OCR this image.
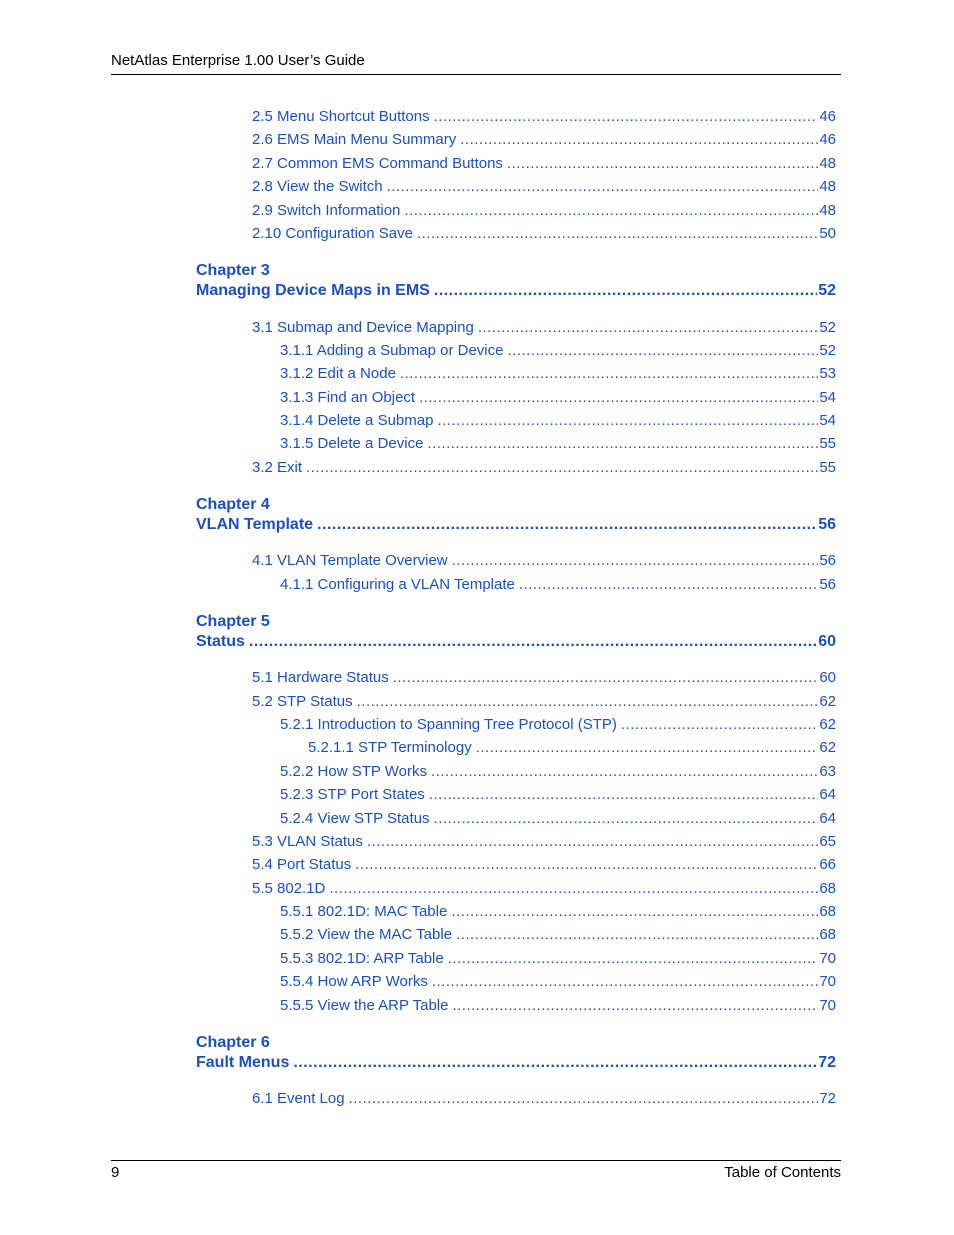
NetAtlas Enterprise 1.00 User’s Guide
2.5 Menu Shortcut Buttons .....	46
2.6 EMS Main Menu Summary .....	46
2.7 Common EMS Command Buttons .....	48
2.8 View the Switch .....	48
2.9 Switch Information .....	48
2.10 Configuration Save .....	50
Chapter 3
Managing Device Maps in EMS .....	52
3.1 Submap and Device Mapping .....	52
3.1.1 Adding a Submap or Device .....	52
3.1.2 Edit a Node .....	53
3.1.3 Find an Object .....	54
3.1.4 Delete a Submap .....	54
3.1.5 Delete a Device .....	55
3.2 Exit .....	55
Chapter 4
VLAN Template .....	56
4.1 VLAN Template Overview .....	56
4.1.1 Configuring a VLAN Template .....	56
Chapter 5
Status .....	60
5.1 Hardware Status .....	60
5.2 STP Status .....	62
5.2.1 Introduction to Spanning Tree Protocol (STP) .....	62
5.2.1.1 STP Terminology .....	62
5.2.2 How STP Works .....	63
5.2.3 STP Port States .....	64
5.2.4 View STP Status .....	64
5.3 VLAN Status .....	65
5.4 Port Status .....	66
5.5 802.1D .....	68
5.5.1 802.1D: MAC Table .....	68
5.5.2 View the MAC Table .....	68
5.5.3 802.1D: ARP Table .....	70
5.5.4 How ARP Works .....	70
5.5.5 View the ARP Table .....	70
Chapter 6
Fault Menus .....	72
6.1 Event Log .....	72
9	Table of Contents
